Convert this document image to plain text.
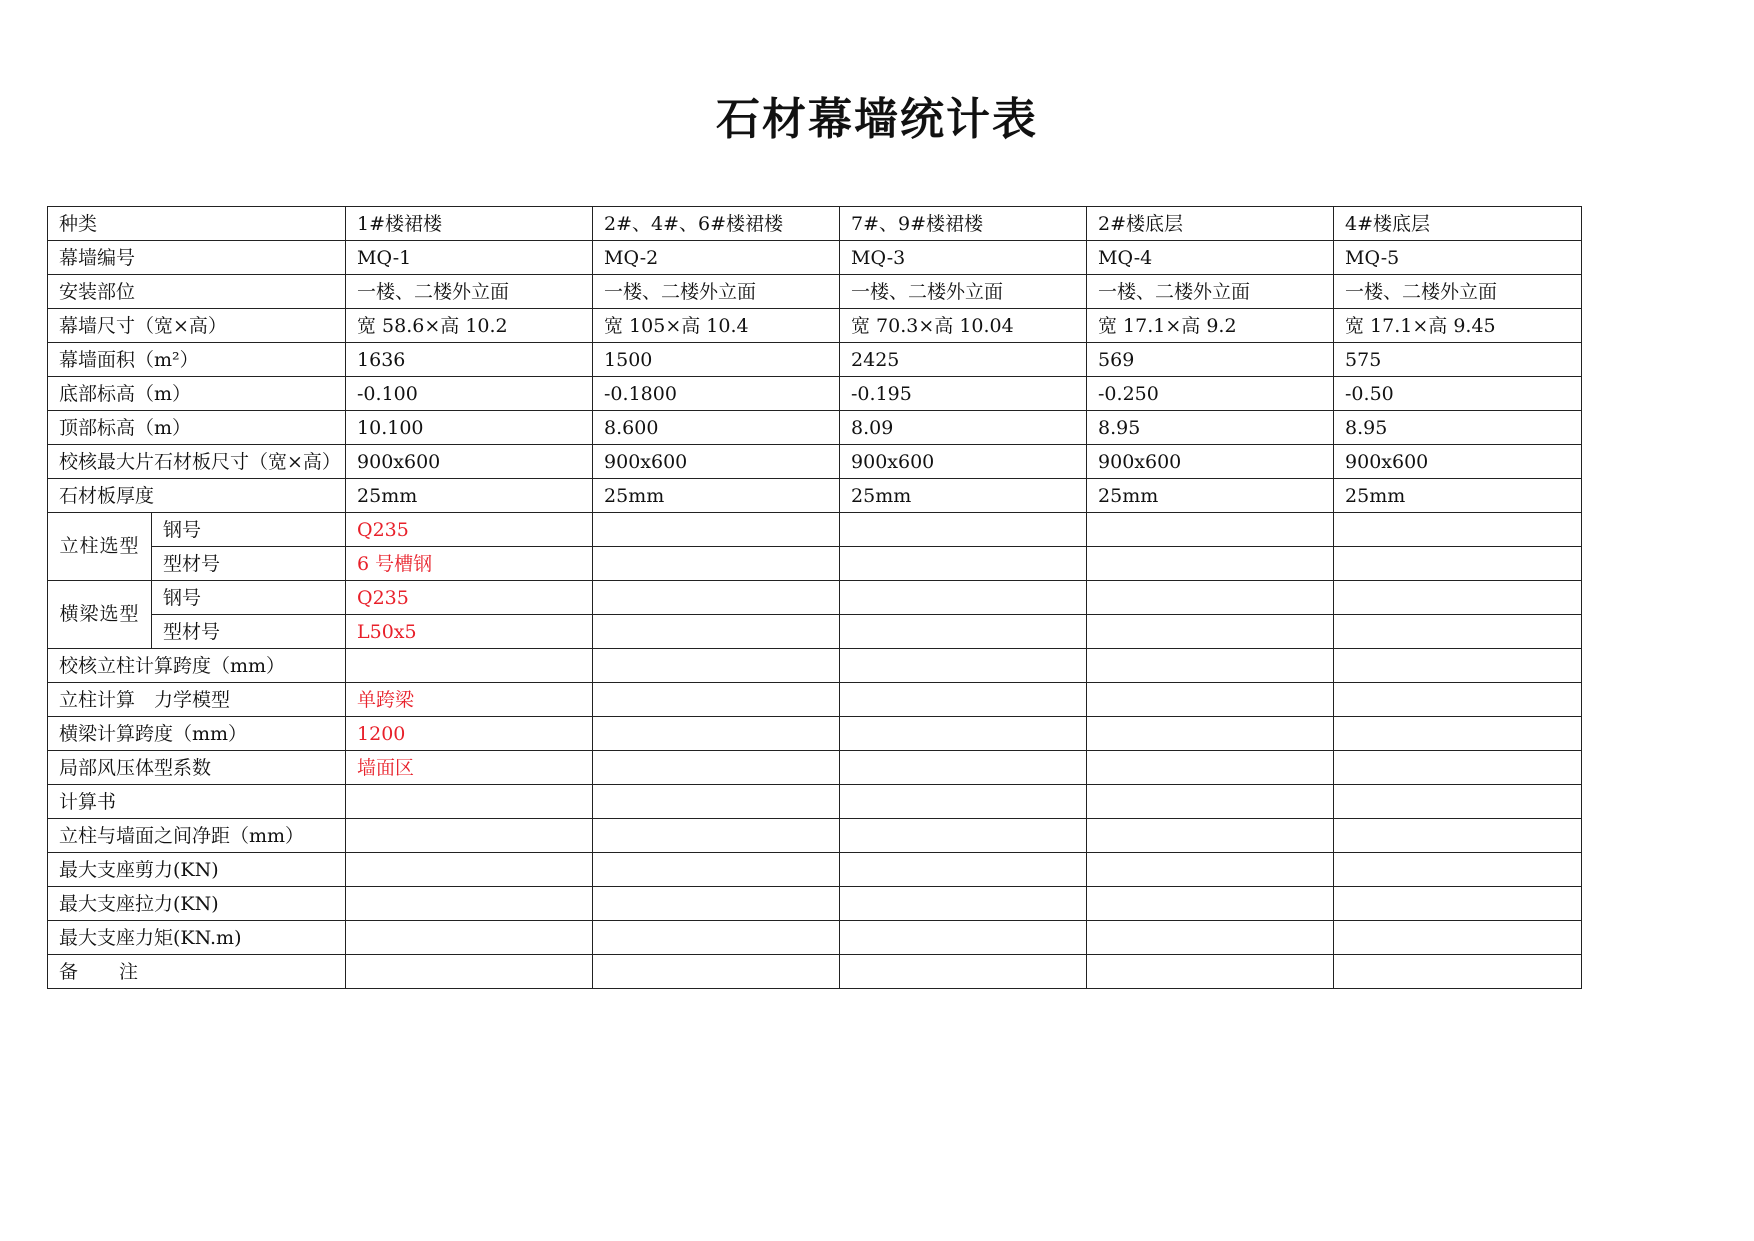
石材幕墙统计表
种类		1#楼裙楼	2#、4#、6#楼裙楼	7#、9#楼裙楼	2#楼底层	4#楼底层
幕墙编号		MQ-1	MQ-2	MQ-3	MQ-4	MQ-5
安装部位		一楼、二楼外立面	一楼、二楼外立面	一楼、二楼外立面	一楼、二楼外立面	一楼、二楼外立面
幕墙尺寸（宽×高）		宽 58.6×高 10.2	宽 105×高 10.4	宽 70.3×高 10.04	宽 17.1×高 9.2	宽 17.1×高 9.45
幕墙面积（m²）		1636	1500	2425	569	575
底部标高（m）		-0.100	-0.1800	-0.195	-0.250	-0.50
顶部标高（m）		10.100	8.600	8.09	8.95	8.95
校核最大片石材板尺寸（宽×高）		900x600	900x600	900x600	900x600	900x600
石材板厚度		25mm	25mm	25mm	25mm	25mm
立柱选型	钢号	Q235				
	型材号	6 号槽钢				
横梁选型	钢号	Q235				
	型材号	L50x5				
校核立柱计算跨度（mm）						
立柱计算　力学模型		单跨梁				
横梁计算跨度（mm）		1200				
局部风压体型系数		墙面区				
计算书						
立柱与墙面之间净距（mm）						
最大支座剪力(KN)						
最大支座拉力(KN)						
最大支座力矩(KN.m)						
备　　注						
